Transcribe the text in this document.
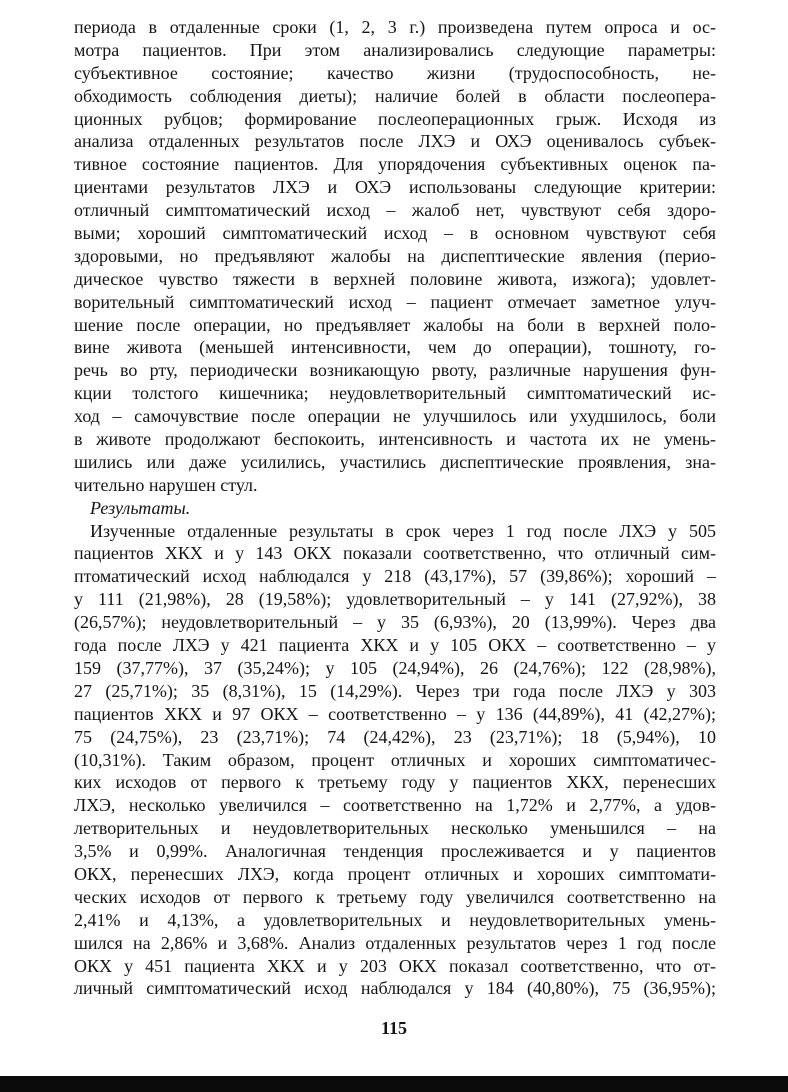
периода в отдаленные сроки (1, 2, 3 г.) произведена путем опроса и ос-
мотра пациентов. При этом анализировались следующие параметры:
субъективное состояние; качество жизни (трудоспособность, не-
обходимость соблюдения диеты); наличие болей в области послеопера-
ционных рубцов; формирование послеоперационных грыж. Исходя из
анализа отдаленных результатов после ЛХЭ и ОХЭ оценивалось субъек-
тивное состояние пациентов. Для упорядочения субъективных оценок па-
циентами результатов ЛХЭ и ОХЭ использованы следующие критерии:
отличный симптоматический исход – жалоб нет, чувствуют себя здоро-
выми; хороший симптоматический исход – в основном чувствуют себя
здоровыми, но предъявляют жалобы на диспептические явления (перио-
дическое чувство тяжести в верхней половине живота, изжога); удовлет-
ворительный симптоматический исход – пациент отмечает заметное улуч-
шение после операции, но предъявляет жалобы на боли в верхней поло-
вине живота (меньшей интенсивности, чем до операции), тошноту, го-
речь во рту, периодически возникающую рвоту, различные нарушения фун-
кции толстого кишечника; неудовлетворительный симптоматический ис-
ход – самочувствие после операции не улучшилось или ухудшилось, боли
в животе продолжают беспокоить, интенсивность и частота их не умень-
шились или даже усилились, участились диспептические проявления, зна-
чительно нарушен стул.
Результаты.
Изученные отдаленные результаты в срок через 1 год после ЛХЭ у 505
пациентов ХКХ и у 143 ОКХ показали соответственно, что отличный сим-
птоматический исход наблюдался у 218 (43,17%), 57 (39,86%); хороший –
у 111 (21,98%), 28 (19,58%); удовлетворительный – у 141 (27,92%), 38
(26,57%); неудовлетворительный – у 35 (6,93%), 20 (13,99%). Через два
года после ЛХЭ у 421 пациента ХКХ и у 105 ОКХ – соответственно – у
159 (37,77%), 37 (35,24%); у 105 (24,94%), 26 (24,76%); 122 (28,98%),
27 (25,71%); 35 (8,31%), 15 (14,29%). Через три года после ЛХЭ у 303
пациентов ХКХ и 97 ОКХ – соответственно – у 136 (44,89%), 41 (42,27%);
75 (24,75%), 23 (23,71%); 74 (24,42%), 23 (23,71%); 18 (5,94%), 10
(10,31%). Таким образом, процент отличных и хороших симптоматичес-
ких исходов от первого к третьему году у пациентов ХКХ, перенесших
ЛХЭ, несколько увеличился – соответственно на 1,72% и 2,77%, а удов-
летворительных и неудовлетворительных несколько уменьшился – на
3,5% и 0,99%. Аналогичная тенденция прослеживается и у пациентов
ОКХ, перенесших ЛХЭ, когда процент отличных и хороших симптомати-
ческих исходов от первого к третьему году увеличился соответственно на
2,41% и 4,13%, а удовлетворительных и неудовлетворительных умень-
шился на 2,86% и 3,68%. Анализ отдаленных результатов через 1 год после
ОКХ у 451 пациента ХКХ и у 203 ОКХ показал соответственно, что от-
личный симптоматический исход наблюдался у 184 (40,80%), 75 (36,95%);
115
